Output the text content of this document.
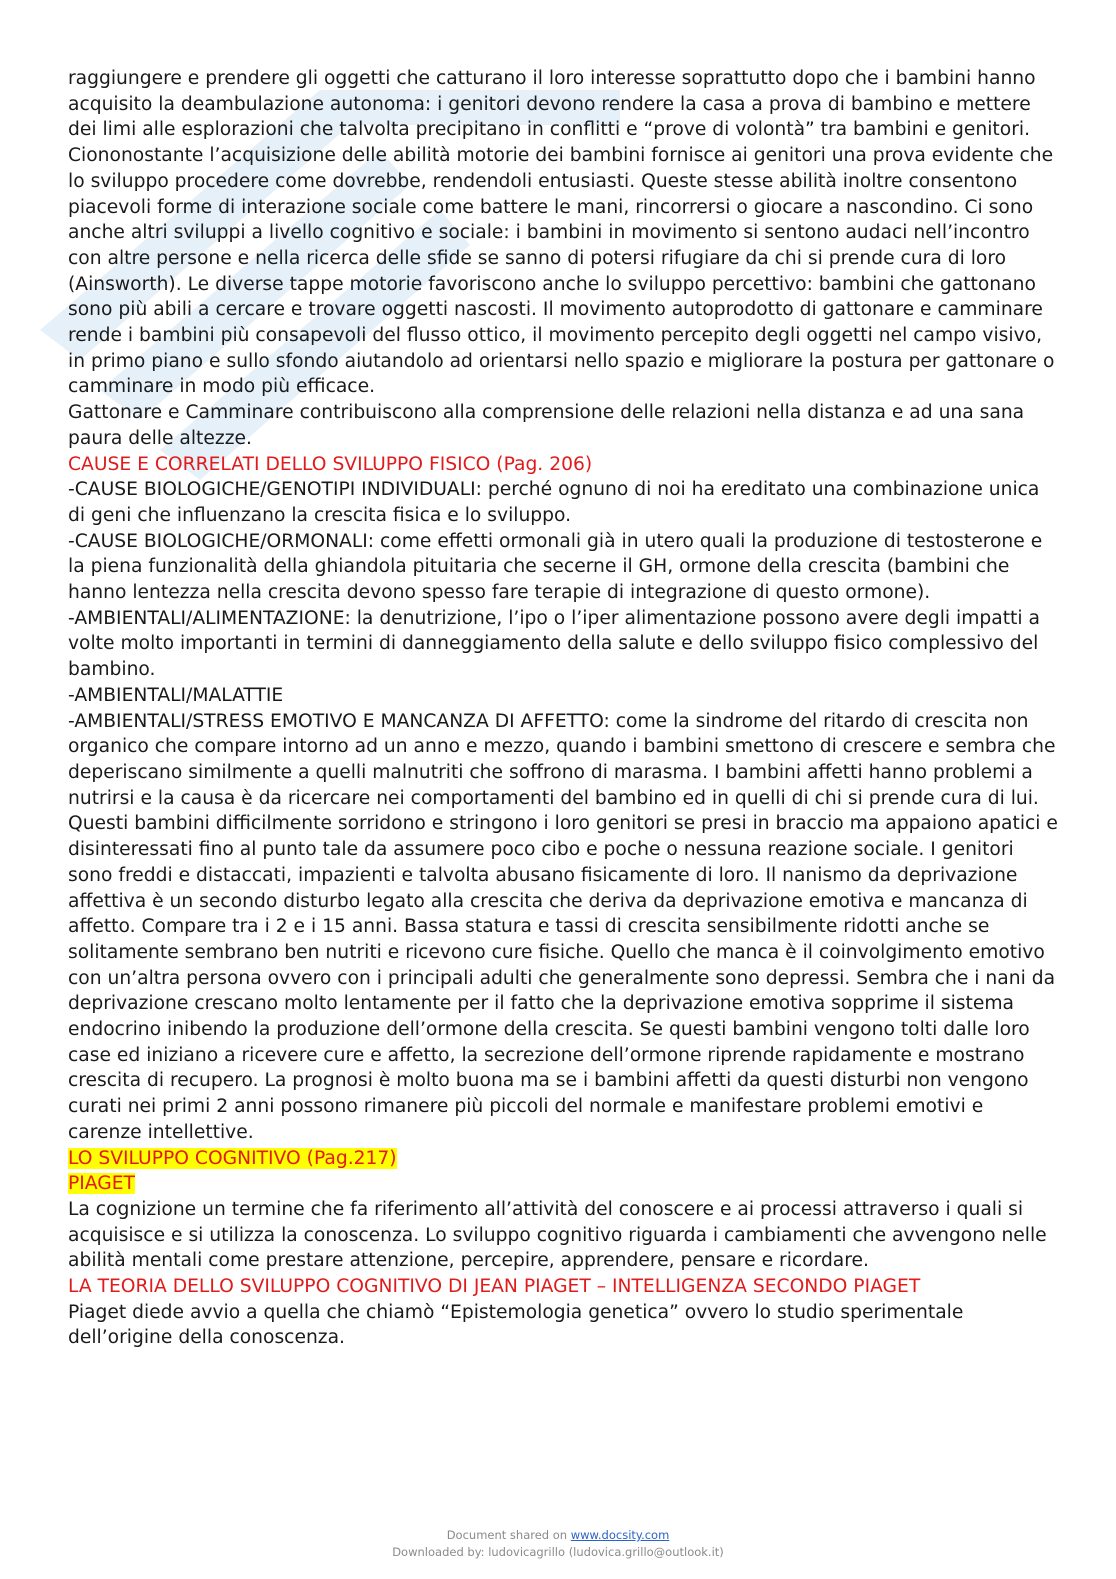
raggiungere e prendere gli oggetti che catturano il loro interesse soprattutto dopo che i bambini hanno acquisito la deambulazione autonoma: i genitori devono rendere la casa a prova di bambino e mettere dei limi alle esplorazioni che talvolta precipitano in conflitti e “prove di volontà” tra bambini e genitori. Ciononostante l’acquisizione delle abilità motorie dei bambini fornisce ai genitori una prova evidente che lo sviluppo procedere come dovrebbe, rendendoli entusiasti. Queste stesse abilità inoltre consentono piacevoli forme di interazione sociale come battere le mani, rincorrersi o giocare a nascondino. Ci sono anche altri sviluppi a livello cognitivo e sociale: i bambini in movimento si sentono audaci nell’incontro con altre persone e nella ricerca delle sfide se sanno di potersi rifugiare da chi si prende cura di loro (Ainsworth). Le diverse tappe motorie favoriscono anche lo sviluppo percettivo: bambini che gattonano sono più abili a cercare e trovare oggetti nascosti. Il movimento autoprodotto di gattonare e camminare rende i bambini più consapevoli del flusso ottico, il movimento percepito degli oggetti nel campo visivo, in primo piano e sullo sfondo aiutandolo ad orientarsi nello spazio e migliorare la postura per gattonare o camminare in modo più efficace.

Gattonare e Camminare contribuiscono alla comprensione delle relazioni nella distanza e ad una sana paura delle altezze.

CAUSE E CORRELATI DELLO SVILUPPO FISICO (Pag. 206)

-CAUSE BIOLOGICHE/GENOTIPI INDIVIDUALI: perché ognuno di noi ha ereditato una combinazione unica di geni che influenzano la crescita fisica e lo sviluppo.

-CAUSE BIOLOGICHE/ORMONALI: come effetti ormonali già in utero quali la produzione di testosterone e la piena funzionalità della ghiandola pituitaria che secerne il GH, ormone della crescita (bambini che hanno lentezza nella crescita devono spesso fare terapie di integrazione di questo ormone).

-AMBIENTALI/ALIMENTAZIONE: la denutrizione, l’ipo o l’iper alimentazione possono avere degli impatti a volte molto importanti in termini di danneggiamento della salute e dello sviluppo fisico complessivo del bambino.

-AMBIENTALI/MALATTIE

-AMBIENTALI/STRESS EMOTIVO E MANCANZA DI AFFETTO: come la sindrome del ritardo di crescita non organico che compare intorno ad un anno e mezzo, quando i bambini smettono di crescere e sembra che deperiscano similmente a quelli malnutriti che soffrono di marasma. I bambini affetti hanno problemi a nutrirsi e la causa è da ricercare nei comportamenti del bambino ed in quelli di chi si prende cura di lui. Questi bambini difficilmente sorridono e stringono i loro genitori se presi in braccio ma appaiono apatici e disinteressati fino al punto tale da assumere poco cibo e poche o nessuna reazione sociale. I genitori sono freddi e distaccati, impazienti e talvolta abusano fisicamente di loro. Il nanismo da deprivazione affettiva è un secondo disturbo legato alla crescita che deriva da deprivazione emotiva e mancanza di affetto. Compare tra i 2 e i 15 anni. Bassa statura e tassi di crescita sensibilmente ridotti anche se solitamente sembrano ben nutriti e ricevono cure fisiche. Quello che manca è il coinvolgimento emotivo con un’altra persona ovvero con i principali adulti che generalmente sono depressi. Sembra che i nani da deprivazione crescano molto lentamente per il fatto che la deprivazione emotiva sopprime il sistema endocrino inibendo la produzione dell’ormone della crescita. Se questi bambini vengono tolti dalle loro case ed iniziano a ricevere cure e affetto, la secrezione dell’ormone riprende rapidamente e mostrano crescita di recupero. La prognosi è molto buona ma se i bambini affetti da questi disturbi non vengono curati nei primi 2 anni possono rimanere più piccoli del normale e manifestare problemi emotivi e carenze intellettive.

LO SVILUPPO COGNITIVO (Pag.217)

PIAGET

La cognizione un termine che fa riferimento all’attività del conoscere e ai processi attraverso i quali si acquisisce e si utilizza la conoscenza. Lo sviluppo cognitivo riguarda i cambiamenti che avvengono nelle abilità mentali come prestare attenzione, percepire, apprendere, pensare e ricordare.

LA TEORIA DELLO SVILUPPO COGNITIVO DI JEAN PIAGET – INTELLIGENZA SECONDO PIAGET

Piaget diede avvio a quella che chiamò “Epistemologia genetica” ovvero lo studio sperimentale dell’origine della conoscenza.

Document shared on www.docsity.com
Downloaded by: ludovicagrillo (ludovica.grillo@outlook.it)
